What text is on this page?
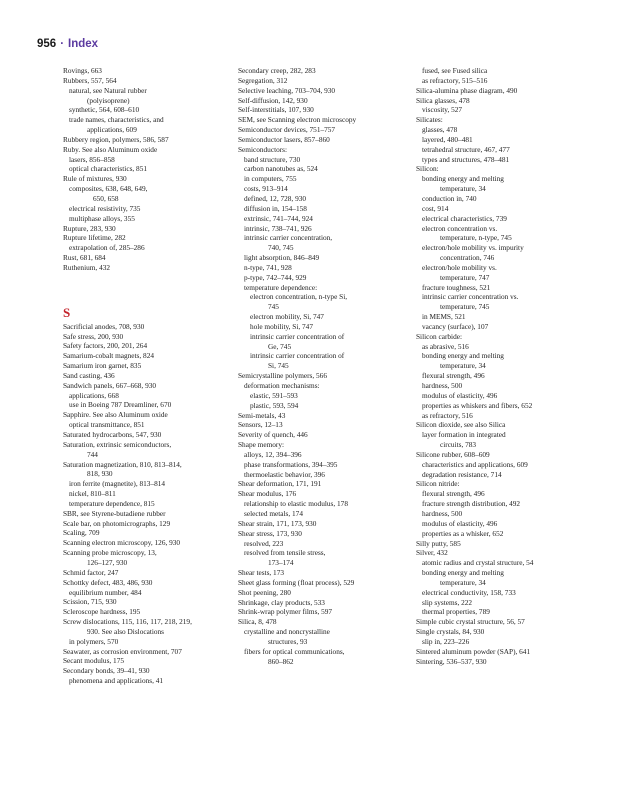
956 · Index
Rovings, 663
Rubbers, 557, 564
natural, see Natural rubber
(polyisoprene)
synthetic, 564, 608–610
trade names, characteristics, and
applications, 609
Rubbery region, polymers, 586, 587
Ruby. See also Aluminum oxide
lasers, 856–858
optical characteristics, 851
Rule of mixtures, 930
composites, 638, 648, 649,
650, 658
electrical resistivity, 735
multiphase alloys, 355
Rupture, 283, 930
Rupture lifetime, 282
extrapolation of, 285–286
Rust, 681, 684
Ruthenium, 432
S
Sacrificial anodes, 708, 930
Safe stress, 200, 930
Safety factors, 200, 201, 264
Samarium-cobalt magnets, 824
Samarium iron garnet, 835
Sand casting, 436
Sandwich panels, 667–668, 930
applications, 668
use in Boeing 787 Dreamliner, 670
Sapphire. See also Aluminum oxide
optical transmittance, 851
Saturated hydrocarbons, 547, 930
Saturation, extrinsic semiconductors,
744
Saturation magnetization, 810, 813–814,
818, 930
iron ferrite (magnetite), 813–814
nickel, 810–811
temperature dependence, 815
SBR, see Styrene-butadiene rubber
Scale bar, on photomicrographs, 129
Scaling, 709
Scanning electron microscopy, 126, 930
Scanning probe microscopy, 13,
126–127, 930
Schmid factor, 247
Schottky defect, 483, 486, 930
equilibrium number, 484
Scission, 715, 930
Scleroscope hardness, 195
Screw dislocations, 115, 116, 117, 218, 219,
930. See also Dislocations
in polymers, 570
Seawater, as corrosion environment, 707
Secant modulus, 175
Secondary bonds, 39–41, 930
phenomena and applications, 41
Secondary creep, 282, 283
Segregation, 312
Selective leaching, 703–704, 930
Self-diffusion, 142, 930
Self-interstitials, 107, 930
SEM, see Scanning electron microscopy
Semiconductor devices, 751–757
Semiconductor lasers, 857–860
Semiconductors:
band structure, 730
carbon nanotubes as, 524
in computers, 755
costs, 913–914
defined, 12, 728, 930
diffusion in, 154–158
extrinsic, 741–744, 924
intrinsic, 738–741, 926
intrinsic carrier concentration,
740, 745
light absorption, 846–849
n-type, 741, 928
p-type, 742–744, 929
temperature dependence:
electron concentration, n-type Si,
745
electron mobility, Si, 747
hole mobility, Si, 747
intrinsic carrier concentration of
Ge, 745
intrinsic carrier concentration of
Si, 745
Semicrystalline polymers, 566
deformation mechanisms:
elastic, 591–593
plastic, 593, 594
Semi-metals, 43
Sensors, 12–13
Severity of quench, 446
Shape memory:
alloys, 12, 394–396
phase transformations, 394–395
thermoelastic behavior, 396
Shear deformation, 171, 191
Shear modulus, 176
relationship to elastic modulus, 178
selected metals, 174
Shear strain, 171, 173, 930
Shear stress, 173, 930
resolved, 223
resolved from tensile stress,
173–174
Shear tests, 173
Sheet glass forming (float process), 529
Shot peening, 280
Shrinkage, clay products, 533
Shrink-wrap polymer films, 597
Silica, 8, 478
crystalline and noncrystalline
structures, 93
fibers for optical communications,
860–862
fused, see Fused silica
as refractory, 515–516
Silica-alumina phase diagram, 490
Silica glasses, 478
viscosity, 527
Silicates:
glasses, 478
layered, 480–481
tetrahedral structure, 467, 477
types and structures, 478–481
Silicon:
bonding energy and melting
temperature, 34
conduction in, 740
cost, 914
electrical characteristics, 739
electron concentration vs.
temperature, n-type, 745
electron/hole mobility vs. impurity
concentration, 746
electron/hole mobility vs.
temperature, 747
fracture toughness, 521
intrinsic carrier concentration vs.
temperature, 745
in MEMS, 521
vacancy (surface), 107
Silicon carbide:
as abrasive, 516
bonding energy and melting
temperature, 34
flexural strength, 496
hardness, 500
modulus of elasticity, 496
properties as whiskers and fibers, 652
as refractory, 516
Silicon dioxide, see also Silica
layer formation in integrated
circuits, 783
Silicone rubber, 608–609
characteristics and applications, 609
degradation resistance, 714
Silicon nitride:
flexural strength, 496
fracture strength distribution, 492
hardness, 500
modulus of elasticity, 496
properties as a whisker, 652
Silly putty, 585
Silver, 432
atomic radius and crystal structure, 54
bonding energy and melting
temperature, 34
electrical conductivity, 158, 733
slip systems, 222
thermal properties, 789
Simple cubic crystal structure, 56, 57
Single crystals, 84, 930
slip in, 223–226
Sintered aluminum powder (SAP), 641
Sintering, 536–537, 930
